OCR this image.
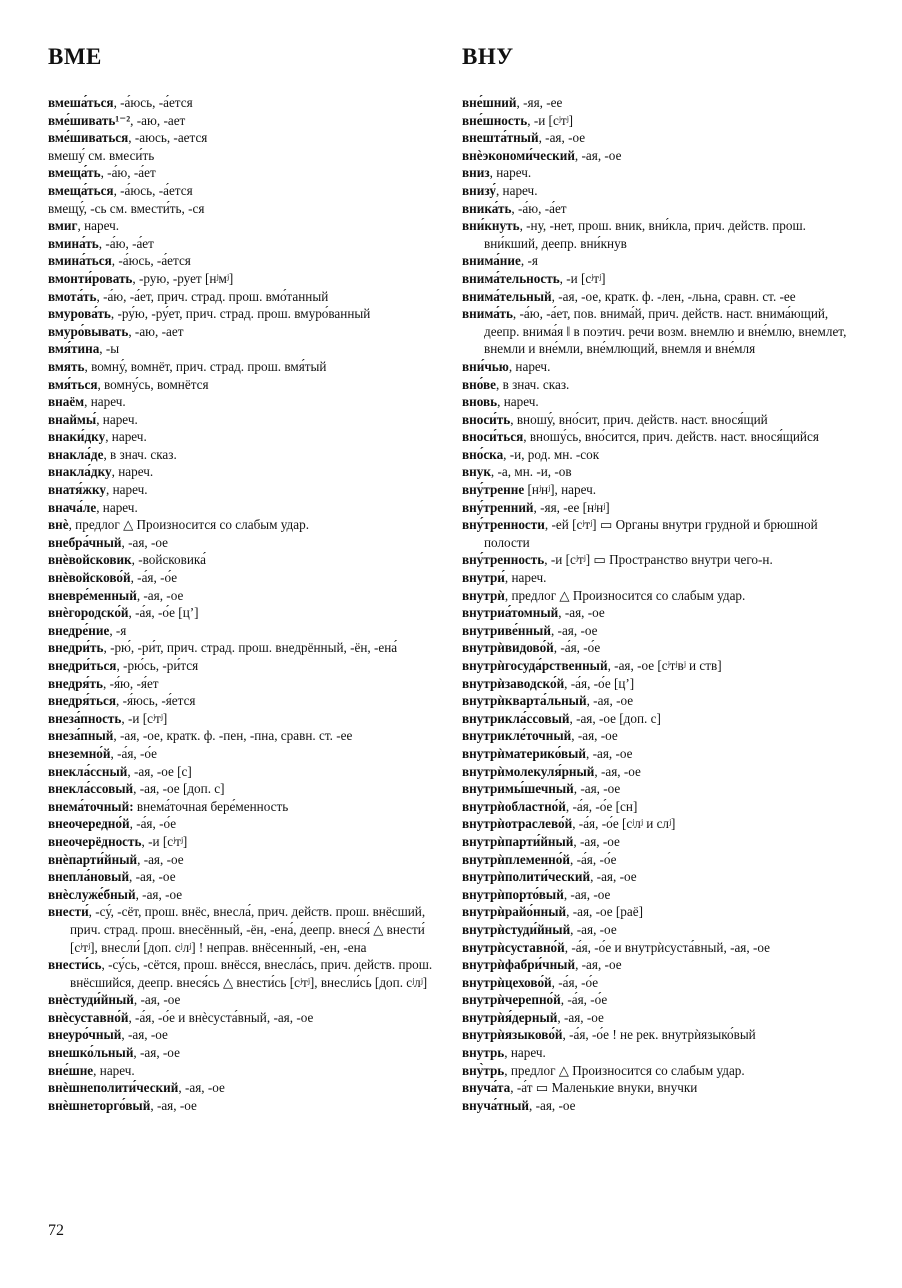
ВМЕ	ВНУ
вмеша́ться, -а́юсь, -а́ется
вме́шивать¹⁻², -аю, -ает
вме́шиваться, -аюсь, -ается
вмешу́ см. вмеси́ть
вмеща́ть, -а́ю, -а́ет
вмеща́ться, -а́юсь, -а́ется
вмещу́, -сь см. вмести́ть, -ся
вмиг, нареч.
вмина́ть, -а́ю, -а́ет
вмина́ться, -а́юсь, -а́ется
вмонти́ровать, -рую, -рует [нʲмʲ]
вмота́ть, -а́ю, -а́ет, прич. страд. прош. вмо́танный
вмурова́ть, -ру́ю, -ру́ет, прич. страд. прош. вмуро́ванный
вмуро́вывать, -аю, -ает
вмя́тина, -ы
вмять, вомну́, вомнёт, прич. страд. прош. вмя́тый
вмя́ться, вомну́сь, вомнётся
внаём, нареч.
внаймы́, нареч.
внаки́дку, нареч.
внакла́де, в знач. сказ.
внакла́дку, нареч.
внатя́жку, нареч.
внача́ле, нареч.
внѐ, предлог △ Произносится со слабым удар.
внебра́чный, -ая, -ое
внѐвойсковик, -войсковика́
внѐвойсково́й, -а́я, -о́е
вневре́менный, -ая, -ое
внѐгородско́й, -а́я, -о́е [цʼ]
внедре́ние, -я
внедри́ть, -рю́, -ри́т, прич. страд. прош. внедрённый, -ён, -ена́
внедри́ться, -рю́сь, -ри́тся
внедря́ть, -я́ю, -я́ет
внедря́ться, -я́юсь, -я́ется
внеза́пность, -и [сʲтʲ]
внеза́пный, -ая, -ое, кратк. ф. -пен, -пна, сравн. ст. -ее
внеземно́й, -а́я, -о́е
внекла́ссный, -ая, -ое [с]
внекла́ссовый, -ая, -ое [доп. с]
внема́точный: внема́точная бере́менность
внеочередно́й, -а́я, -о́е
внеочерёдность, -и [сʲтʲ]
внѐпарти́йный, -ая, -ое
внепла́новый, -ая, -ое
внѐслуже́бный, -ая, -ое
внести́, -су́, -сёт, прош. внёс, внесла́, прич. действ. прош. внёсший, прич. страд. прош. внесённый, -ён, -ена́, деепр. внеся́ △ внести́ [сʲтʲ], внесли́ [доп. сʲлʲ] ! неправ. внёсенный, -ен, -ена
внести́сь, -су́сь, -сётся, прош. внёсся, внесла́сь, прич. действ. прош. внёсшийся, деепр. внеся́сь △ внести́сь [сʲтʲ], внесли́сь [доп. сʲлʲ]
внѐстуди́йный, -ая, -ое
внѐсуставно́й, -а́я, -о́е и внѐсуста́вный, -ая, -ое
внеуро́чный, -ая, -ое
внешко́льный, -ая, -ое
вне́шне, нареч.
внѐшнеполити́ческий, -ая, -ое
внѐшнеторго́вый, -ая, -ое
вне́шний, -яя, -ее
вне́шность, -и [сʲтʲ]
внешта́тный, -ая, -ое
внѐэкономи́ческий, -ая, -ое
вниз, нареч.
внизу́, нареч.
вника́ть, -а́ю, -а́ет
вни́кнуть, -ну, -нет, прош. вник, вни́кла, прич. действ. прош. вни́кший, деепр. вни́кнув
внима́ние, -я
внима́тельность, -и [сʲтʲ]
внима́тельный, -ая, -ое, кратк. ф. -лен, -льна, сравн. ст. -ее
внима́ть, -а́ю, -а́ет, пов. внима́й, прич. действ. наст. внима́ющий, деепр. внима́я ‖ в поэтич. речи возм. внемлю и вне́млю, внемлет, внемли и вне́мли, вне́млющий, внемля и вне́мля
вни́чью, нареч.
вно́ве, в знач. сказ.
вновь, нареч.
вноси́ть, вношу́, вно́сит, прич. действ. наст. внося́щий
вноси́ться, вношу́сь, вно́сится, прич. действ. наст. внося́щийся
вно́ска, -и, род. мн. -сок
внук, -а, мн. -и, -ов
вну́тренне [нʲнʲ], нареч.
вну́тренний, -яя, -ее [нʲнʲ]
вну́тренности, -ей [сʲтʲ] ▭ Органы внутри грудной и брюшной полости
вну́тренность, -и [сʲтʲ] ▭ Пространство внутри чего-н.
внутри́, нареч.
внутрѝ, предлог △ Произносится со слабым удар.
внутриа́томный, -ая, -ое
внутриве́нный, -ая, -ое
внутрѝвидово́й, -а́я, -о́е
внутрѝгосуда́рственный, -ая, -ое [сʲтʲвʲ и ств]
внутрѝзаводско́й, -а́я, -о́е [цʼ]
внутрѝкварта́льный, -ая, -ое
внутрикла́ссовый, -ая, -ое [доп. с]
внутрикле́точный, -ая, -ое
внутрѝматерико́вый, -ая, -ое
внутрѝмолекуля́рный, -ая, -ое
внутримы́шечный, -ая, -ое
внутрѝобластно́й, -а́я, -о́е [сн]
внутрѝотраслево́й, -а́я, -о́е [сʲлʲ и слʲ]
внутрѝпарти́йный, -ая, -ое
внутрѝплеменно́й, -а́я, -о́е
внутрѝполити́ческий, -ая, -ое
внутрѝпорто́вый, -ая, -ое
внутрѝрайо́нный, -ая, -ое [раё]
внутрѝстуди́йный, -ая, -ое
внутрѝсуставно́й, -а́я, -о́е и внутрѝсуста́вный, -ая, -ое
внутрѝфабри́чный, -ая, -ое
внутрѝцехово́й, -а́я, -о́е
внутрѝчерепно́й, -а́я, -о́е
внутрѝя́дерный, -ая, -ое
внутрѝязыково́й, -а́я, -о́е ! не рек. внутрѝязыко́вый
внутрь, нареч.
вну̀трь, предлог △ Произносится со слабым удар.
внуча́та, -а́т ▭ Маленькие внуки, внучки
внуча́тный, -ая, -ое
72
